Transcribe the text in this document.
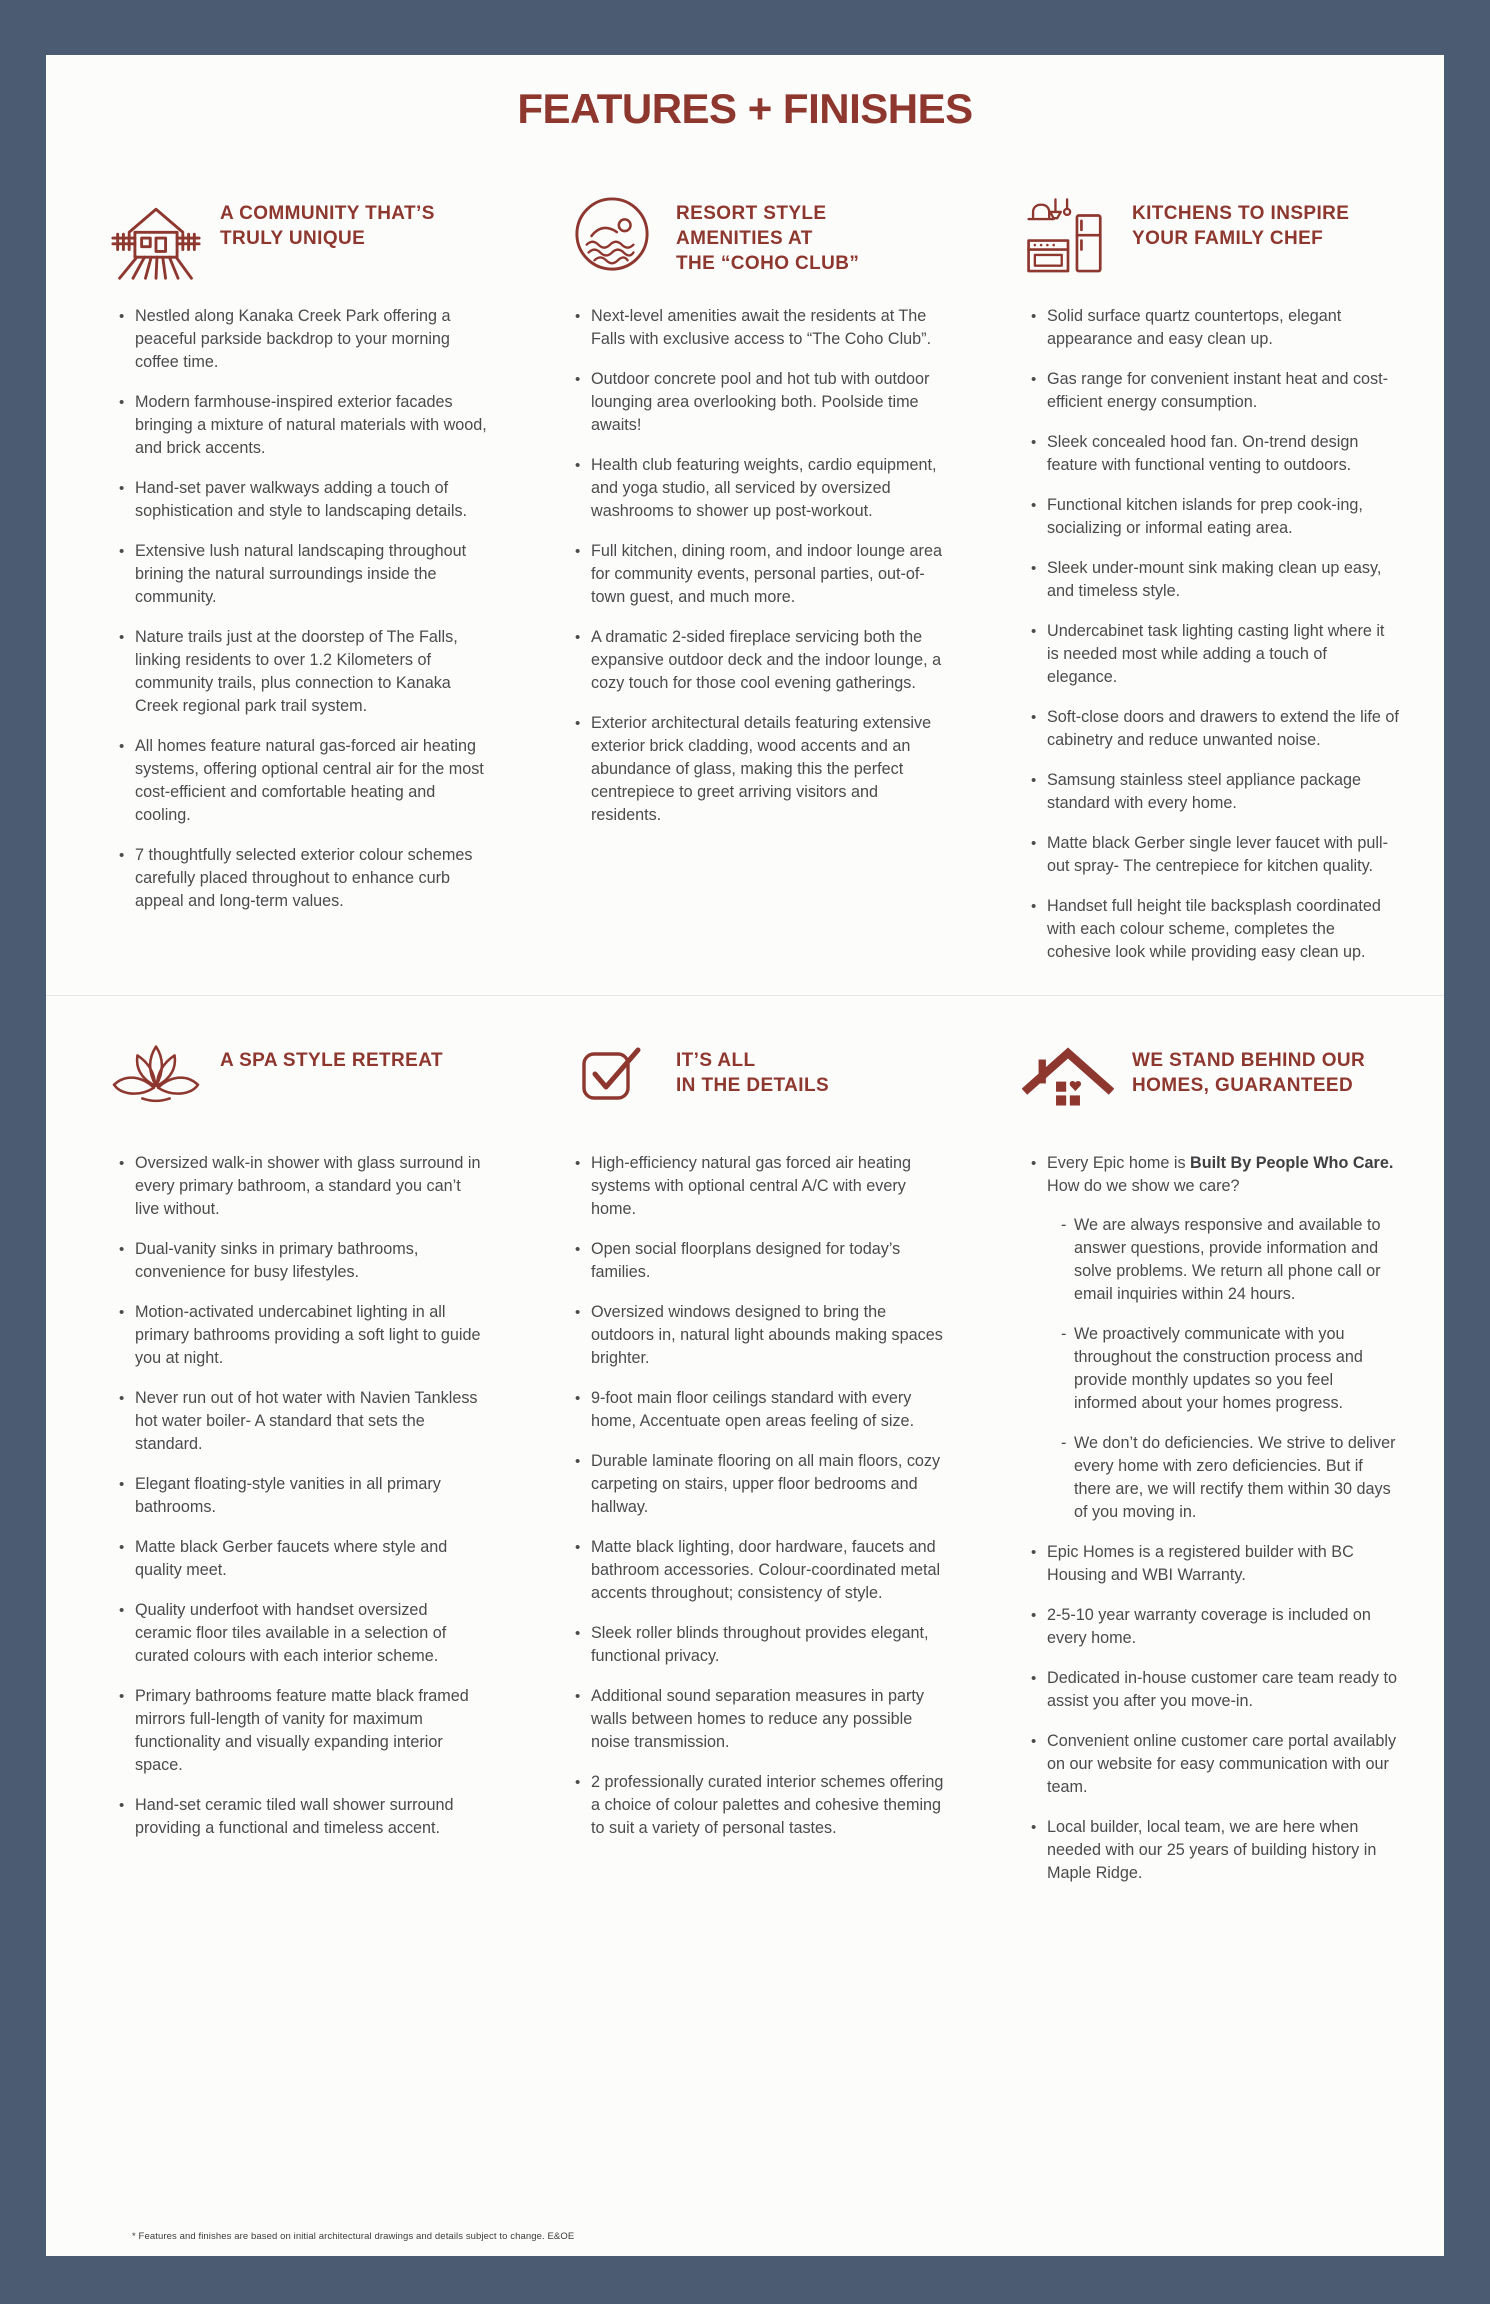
FEATURES + FINISHES
A COMMUNITY THAT’S
TRULY UNIQUE
• Nestled along Kanaka Creek Park offering a peaceful parkside backdrop to your morning coffee time.
• Modern farmhouse-inspired exterior facades bringing a mixture of natural materials with wood, and brick accents.
• Hand-set paver walkways adding a touch of sophistication and style to landscaping details.
• Extensive lush natural landscaping throughout brining the natural surroundings inside the community.
• Nature trails just at the doorstep of The Falls, linking residents to over 1.2 Kilometers of community trails, plus connection to Kanaka Creek regional park trail system.
• All homes feature natural gas-forced air heating systems, offering optional central air for the most cost-efficient and comfortable heating and cooling.
• 7 thoughtfully selected exterior colour schemes carefully placed throughout to enhance curb appeal and long-term values.
RESORT STYLE
AMENITIES AT
THE “COHO CLUB”
• Next-level amenities await the residents at The Falls with exclusive access to “The Coho Club”.
• Outdoor concrete pool and hot tub with outdoor lounging area overlooking both. Poolside time awaits!
• Health club featuring weights, cardio equipment, and yoga studio, all serviced by oversized washrooms to shower up post-workout.
• Full kitchen, dining room, and indoor lounge area for community events, personal parties, out-of-town guest, and much more.
• A dramatic 2-sided fireplace servicing both the expansive outdoor deck and the indoor lounge, a cozy touch for those cool evening gatherings.
• Exterior architectural details featuring extensive exterior brick cladding, wood accents and an abundance of glass, making this the perfect centrepiece to greet arriving visitors and residents.
KITCHENS TO INSPIRE
YOUR FAMILY CHEF
• Solid surface quartz countertops, elegant appearance and easy clean up.
• Gas range for convenient instant heat and cost-efficient energy consumption.
• Sleek concealed hood fan. On-trend design feature with functional venting to outdoors.
• Functional kitchen islands for prep cook-ing, socializing or informal eating area.
• Sleek under-mount sink making clean up easy, and timeless style.
• Undercabinet task lighting casting light where it is needed most while adding a touch of elegance.
• Soft-close doors and drawers to extend the life of cabinetry and reduce unwanted noise.
• Samsung stainless steel appliance package standard with every home.
• Matte black Gerber single lever faucet with pull-out spray- The centrepiece for kitchen quality.
• Handset full height tile backsplash coordinated with each colour scheme, completes the cohesive look while providing easy clean up.
A SPA STYLE RETREAT
• Oversized walk-in shower with glass surround in every primary bathroom, a standard you can’t live without.
• Dual-vanity sinks in primary bathrooms, convenience for busy lifestyles.
• Motion-activated undercabinet lighting in all primary bathrooms providing a soft light to guide you at night.
• Never run out of hot water with Navien Tankless hot water boiler- A standard that sets the standard.
• Elegant floating-style vanities in all primary bathrooms.
• Matte black Gerber faucets where style and quality meet.
• Quality underfoot with handset oversized ceramic floor tiles available in a selection of curated colours with each interior scheme.
• Primary bathrooms feature matte black framed mirrors full-length of vanity for maximum functionality and visually expanding interior space.
• Hand-set ceramic tiled wall shower surround providing a functional and timeless accent.
IT’S ALL
IN THE DETAILS
• High-efficiency natural gas forced air heating systems with optional central A/C with every home.
• Open social floorplans designed for today’s families.
• Oversized windows designed to bring the outdoors in, natural light abounds making spaces brighter.
• 9-foot main floor ceilings standard with every home, Accentuate open areas feeling of size.
• Durable laminate flooring on all main floors, cozy carpeting on stairs, upper floor bedrooms and hallway.
• Matte black lighting, door hardware, faucets and bathroom accessories. Colour-coordinated metal accents throughout; consistency of style.
• Sleek roller blinds throughout provides elegant, functional privacy.
• Additional sound separation measures in party walls between homes to reduce any possible noise transmission.
• 2 professionally curated interior schemes offering a choice of colour palettes and cohesive theming to suit a variety of personal tastes.
WE STAND BEHIND OUR
HOMES, GUARANTEED
• Every Epic home is Built By People Who Care. How do we show we care?
- We are always responsive and available to answer questions, provide information and solve problems. We return all phone call or email inquiries within 24 hours.
- We proactively communicate with you throughout the construction process and provide monthly updates so you feel informed about your homes progress.
- We don’t do deficiencies. We strive to deliver every home with zero deficiencies. But if there are, we will rectify them within 30 days of you moving in.
• Epic Homes is a registered builder with BC Housing and WBI Warranty.
• 2-5-10 year warranty coverage is included on every home.
• Dedicated in-house customer care team ready to assist you after you move-in.
• Convenient online customer care portal availably on our website for easy communication with our team.
• Local builder, local team, we are here when needed with our 25 years of building history in Maple Ridge.
* Features and finishes are based on initial architectural drawings and details subject to change. E&OE
